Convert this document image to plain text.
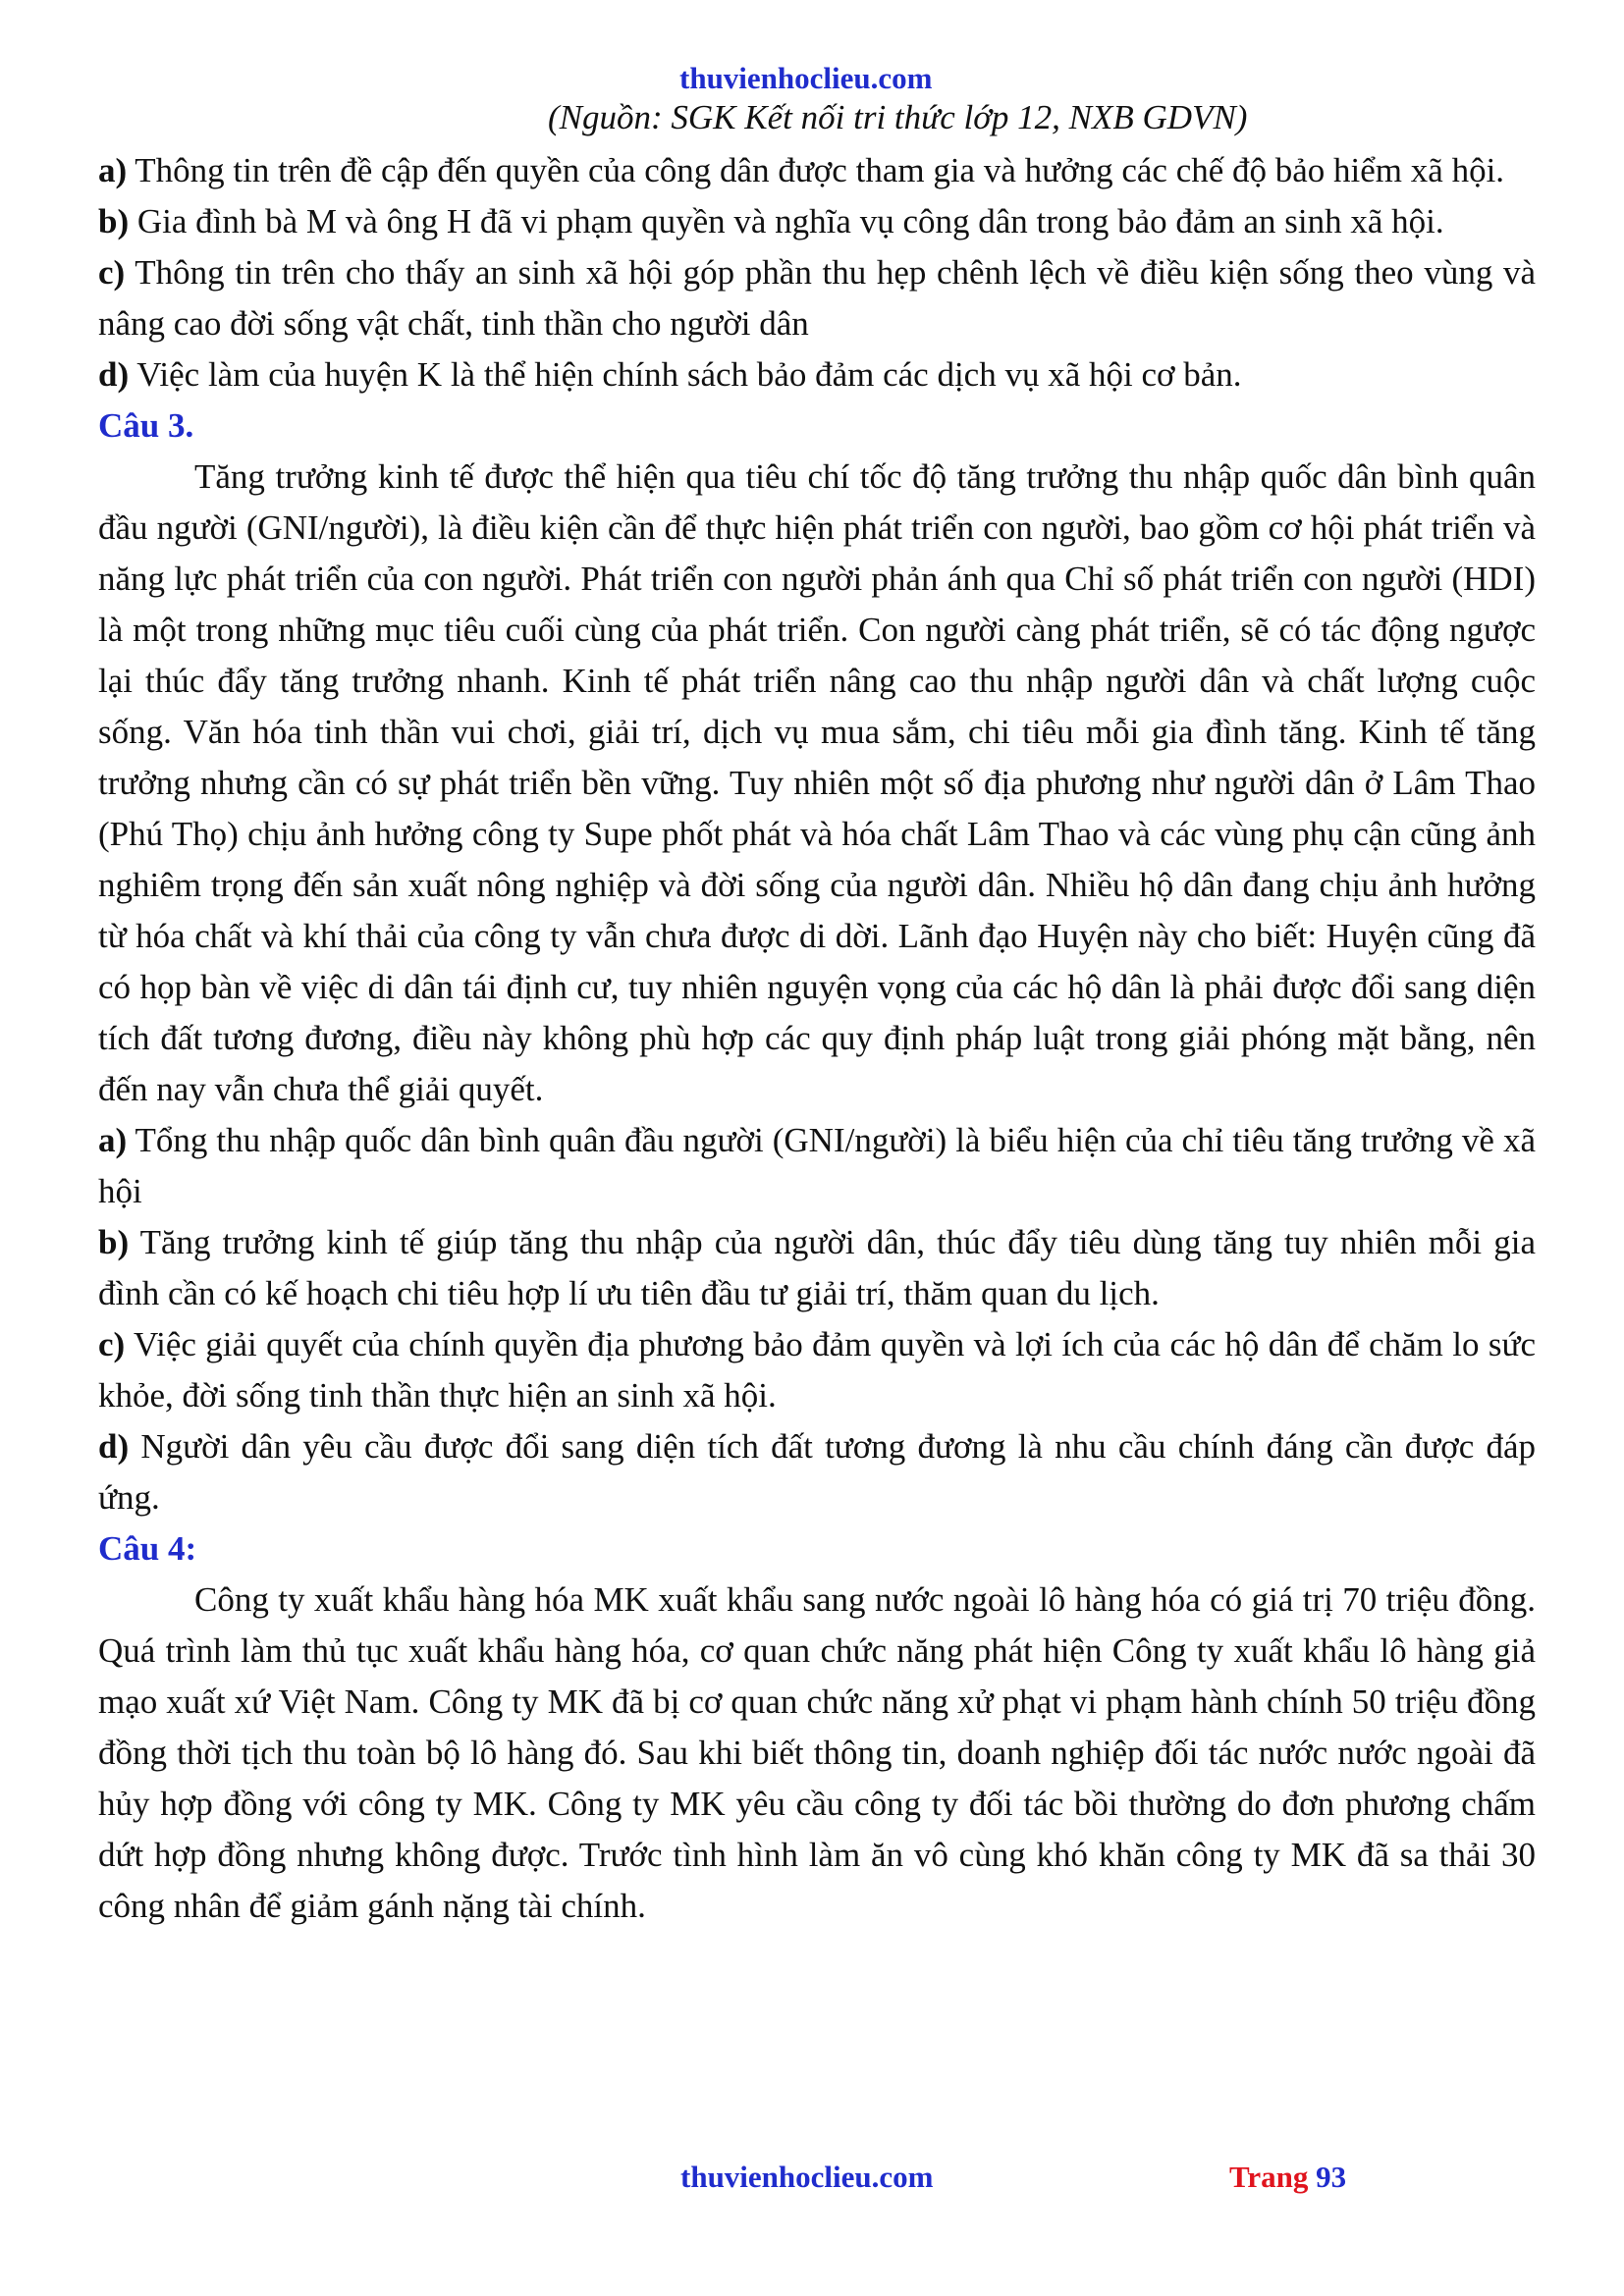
thuvienhoclieu.com
(Nguồn: SGK Kết nối tri thức lớp 12, NXB GDVN)

a) Thông tin trên đề cập đến quyền của công dân được tham gia và hưởng các chế độ bảo hiểm xã hội.

b) Gia đình bà M và ông H đã vi phạm quyền và nghĩa vụ công dân trong bảo đảm an sinh xã hội.

c) Thông tin trên cho thấy an sinh xã hội góp phần thu hẹp chênh lệch về điều kiện sống theo vùng và nâng cao đời sống vật chất, tinh thần cho người dân

d) Việc làm của huyện K là thể hiện chính sách bảo đảm các dịch vụ xã hội cơ bản.

Câu 3.

Tăng trưởng kinh tế được thể hiện qua tiêu chí tốc độ tăng trưởng thu nhập quốc dân bình quân đầu người (GNI/người), là điều kiện cần để thực hiện phát triển con người, bao gồm cơ hội phát triển và năng lực phát triển của con người. Phát triển con người phản ánh qua Chỉ số phát triển con người (HDI) là một trong những mục tiêu cuối cùng của phát triển. Con người càng phát triển, sẽ có tác động ngược lại thúc đẩy tăng trưởng nhanh. Kinh tế phát triển nâng cao thu nhập người dân và chất lượng cuộc sống. Văn hóa tinh thần vui chơi, giải trí, dịch vụ mua sắm, chi tiêu mỗi gia đình tăng. Kinh tế tăng trưởng nhưng cần có sự phát triển bền vững. Tuy nhiên một số địa phương như người dân ở Lâm Thao (Phú Thọ) chịu ảnh hưởng công ty Supe phốt phát và hóa chất Lâm Thao và các vùng phụ cận cũng ảnh nghiêm trọng đến sản xuất nông nghiệp và đời sống của người dân. Nhiều hộ dân đang chịu ảnh hưởng từ hóa chất và khí thải của công ty vẫn chưa được di dời. Lãnh đạo Huyện này cho biết: Huyện cũng đã có họp bàn về việc di dân tái định cư, tuy nhiên nguyện vọng của các hộ dân là phải được đổi sang diện tích đất tương đương, điều này không phù hợp các quy định pháp luật trong giải phóng mặt bằng, nên đến nay vẫn chưa thể giải quyết.

a) Tổng thu nhập quốc dân bình quân đầu người (GNI/người) là biểu hiện của chỉ tiêu tăng trưởng về xã hội

b) Tăng trưởng kinh tế giúp tăng thu nhập của người dân, thúc đẩy tiêu dùng tăng tuy nhiên mỗi gia đình cần có kế hoạch chi tiêu hợp lí ưu tiên đầu tư giải trí, thăm quan du lịch.

c) Việc giải quyết của chính quyền địa phương bảo đảm quyền và lợi ích của các hộ dân để chăm lo sức khỏe, đời sống tinh thần thực hiện an sinh xã hội.

d) Người dân yêu cầu được đổi sang diện tích đất tương đương là nhu cầu chính đáng cần được đáp ứng.

Câu 4:

Công ty xuất khẩu hàng hóa MK xuất khẩu sang nước ngoài lô hàng hóa có giá trị 70 triệu đồng. Quá trình làm thủ tục xuất khẩu hàng hóa, cơ quan chức năng phát hiện Công ty xuất khẩu lô hàng giả mạo xuất xứ Việt Nam. Công ty MK đã bị cơ quan chức năng xử phạt vi phạm hành chính 50 triệu đồng đồng thời tịch thu toàn bộ lô hàng đó. Sau khi biết thông tin, doanh nghiệp đối tác nước nước ngoài đã hủy hợp đồng với công ty MK. Công ty MK yêu cầu công ty đối tác bồi thường do đơn phương chấm dứt hợp đồng nhưng không được. Trước tình hình làm ăn vô cùng khó khăn công ty MK đã sa thải 30 công nhân để giảm gánh nặng tài chính.

thuvienhoclieu.com	Trang 93
